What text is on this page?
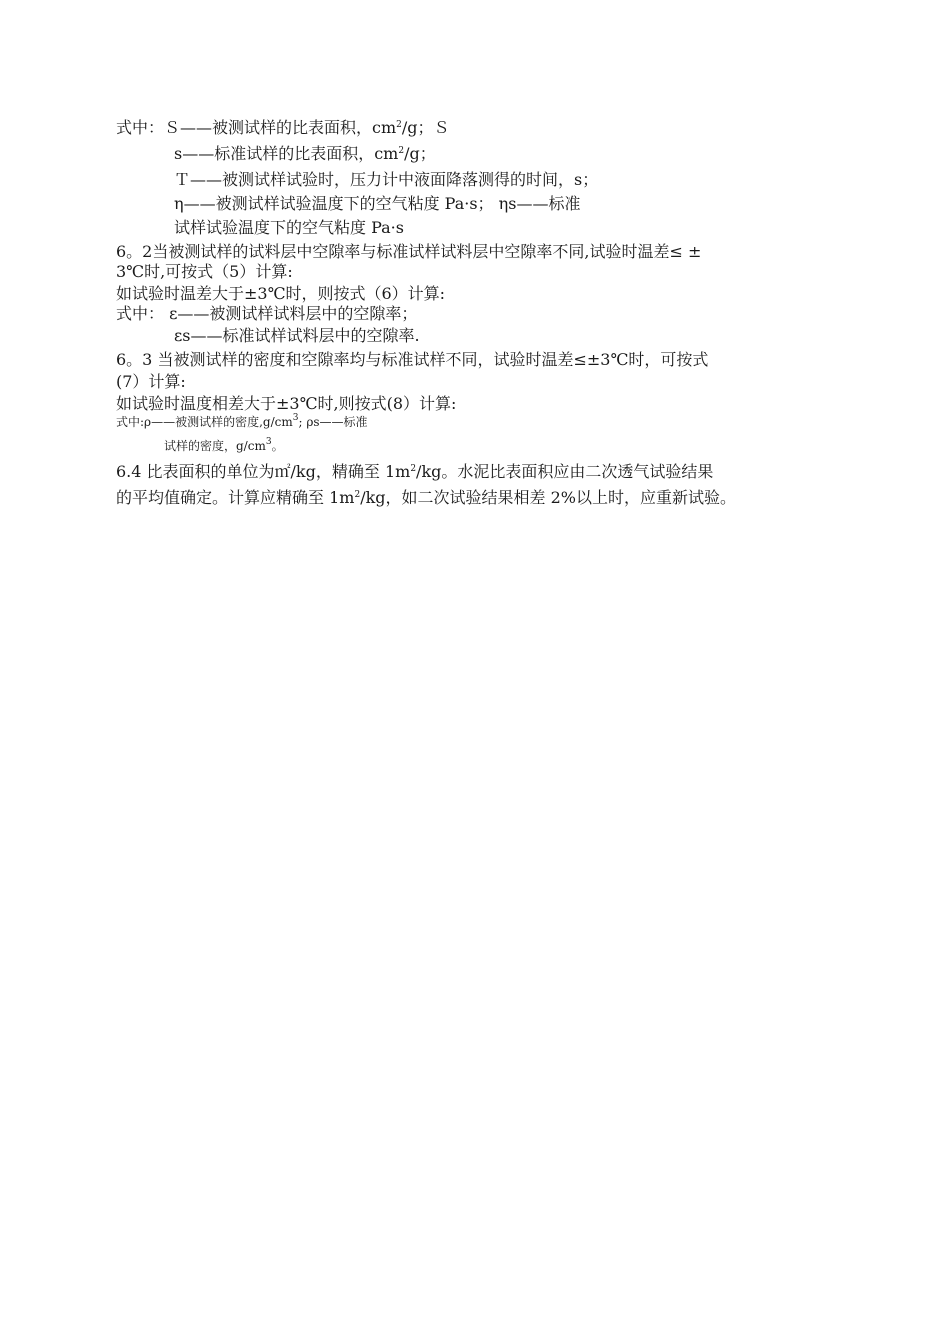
式中：Ｓ——被测试样的比表面积，$cm^2/g$；Ｓ
s——标准试样的比表面积，$cm^2/g$；
Ｔ——被测试样试验时，压力计中液面降落测得的时间，s；
η——被测试样试验温度下的空气粘度 Pa·s； ηs——标准
试样试验温度下的空气粘度 Pa·s
6。2当被测试样的试料层中空隙率与标准试样试料层中空隙率不同,试验时温差≤ ±
3℃时,可按式（5）计算:
如试验时温差大于±3℃时，则按式（6）计算:
式中： ε——被测试样试料层中的空隙率；
εs——标准试样试料层中的空隙率.
6。3 当被测试样的密度和空隙率均与标准试样不同，试验时温差≤±3℃时，可按式
(7）计算:
如试验时温度相差大于±3℃时,则按式(8）计算:
式中:ρ——被测试样的密度$,g/cm^3$; ρs——标准
试样的密度，$g/cm^3$。
6.4 比表面积的单位为㎡/kg，精确至 $1m^2/kg$。水泥比表面积应由二次透气试验结果
的平均值确定。计算应精确至 $1m^2/kg$，如二次试验结果相差 2%以上时，应重新试验。
